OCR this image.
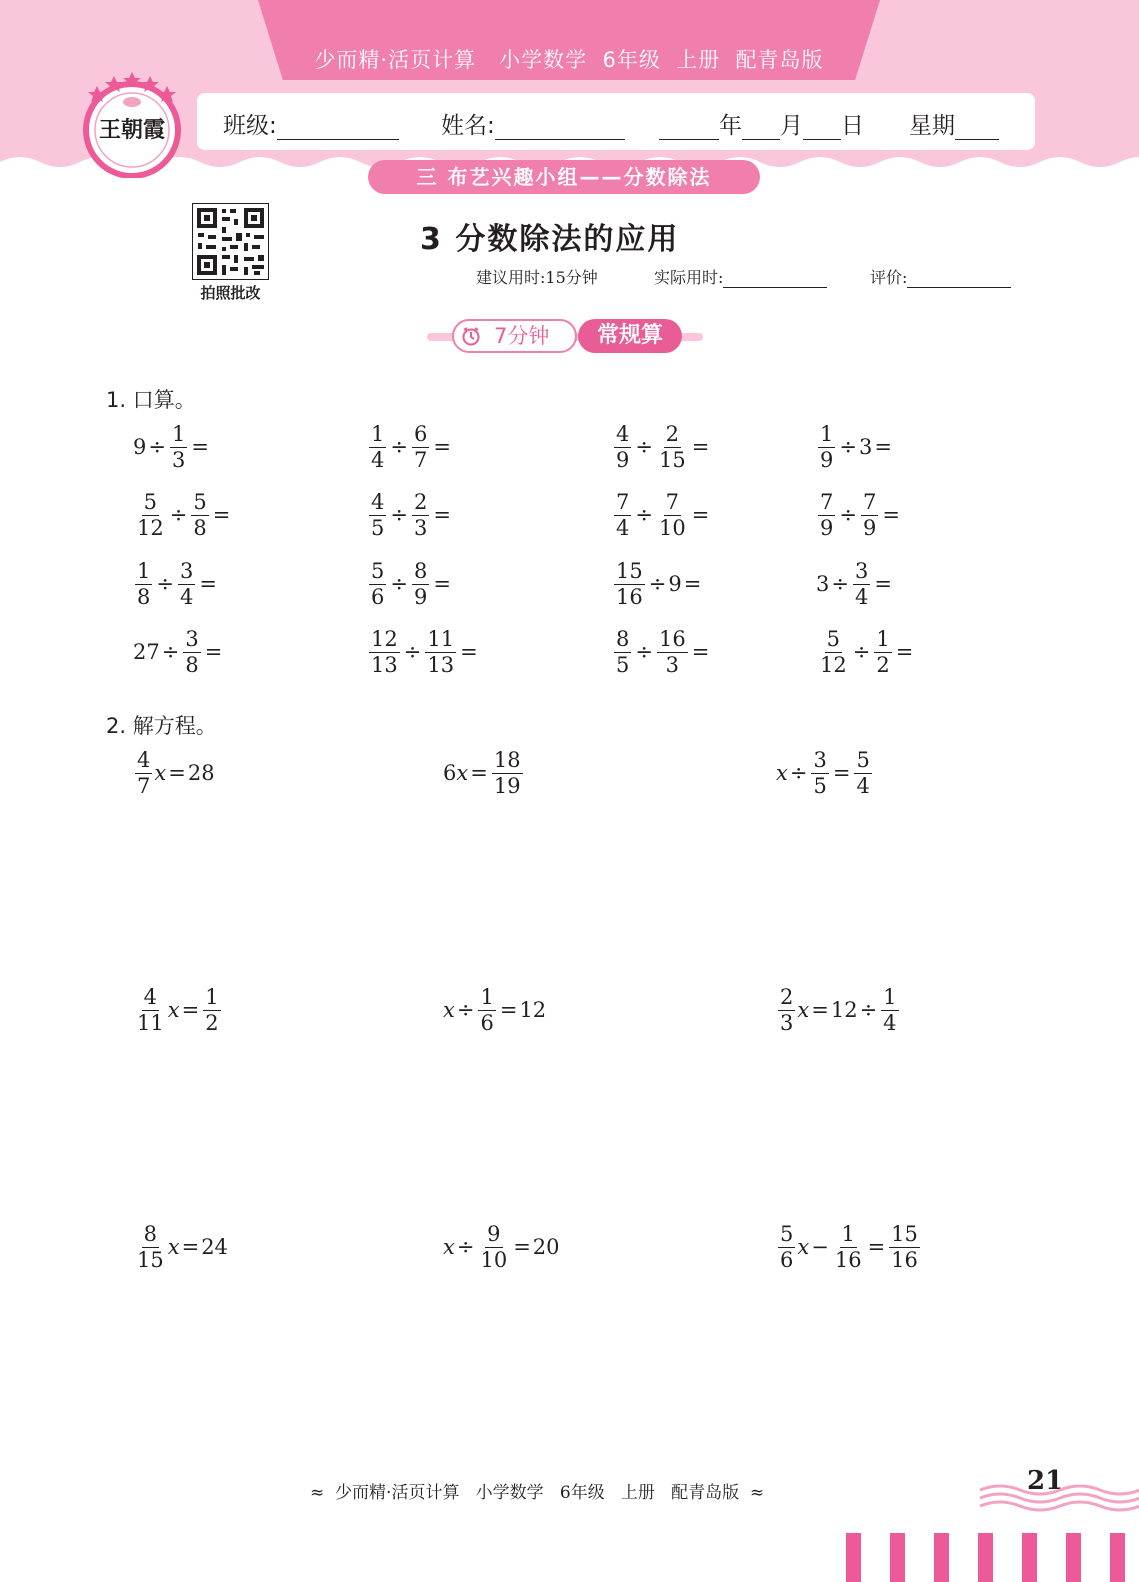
少而精·活页计算   小学数学  6年级  上册  配青岛版
王朝霞	班级:	姓名:	年 月 日 星期
三 布艺兴趣小组——分数除法
拍照批改
3 分数除法的应用
建议用时:15分钟	实际用时:	评价:
7分钟	常规算
1. 口算。
$9 \div \frac{1}{3}$ =	$\frac{1}{4} \div \frac{6}{7}$ =	$\frac{4}{9} \div \frac{2}{15}$ =	$\frac{1}{9} \div 3$ =
$\frac{5}{12} \div \frac{5}{8}$ =	$\frac{4}{5} \div \frac{2}{3}$ =	$\frac{7}{4} \div \frac{7}{10}$ =	$\frac{7}{9} \div \frac{7}{9}$ =
$\frac{1}{8} \div \frac{3}{4}$ =	$\frac{5}{6} \div \frac{8}{9}$ =	$\frac{15}{16} \div 9$ =	$3 \div \frac{3}{4}$ =
$27 \div \frac{3}{8}$ =	$\frac{12}{13} \div \frac{11}{13}$ =	$\frac{8}{5} \div \frac{16}{3}$ =	$\frac{5}{12} \div \frac{1}{2}$ =
2. 解方程。
$\frac{4}{7}$ x = 28	6 $x = \frac{18}{19}$	$x \div \frac{3}{5} = \frac{5}{4}$
$\frac{4}{11}$ $x = \frac{1}{2}$	$x \div \frac{1}{6} = 12$	$\frac{2}{3}$ $x = 12 \div \frac{1}{4}$
$\frac{8}{15}$ x = 24	$x \div \frac{9}{10} = 20$	$\frac{5}{6}$ $x - \frac{1}{16} = \frac{15}{16}$
≈  少而精·活页计算   小学数学   6年级   上册   配青岛版  ≈	21
